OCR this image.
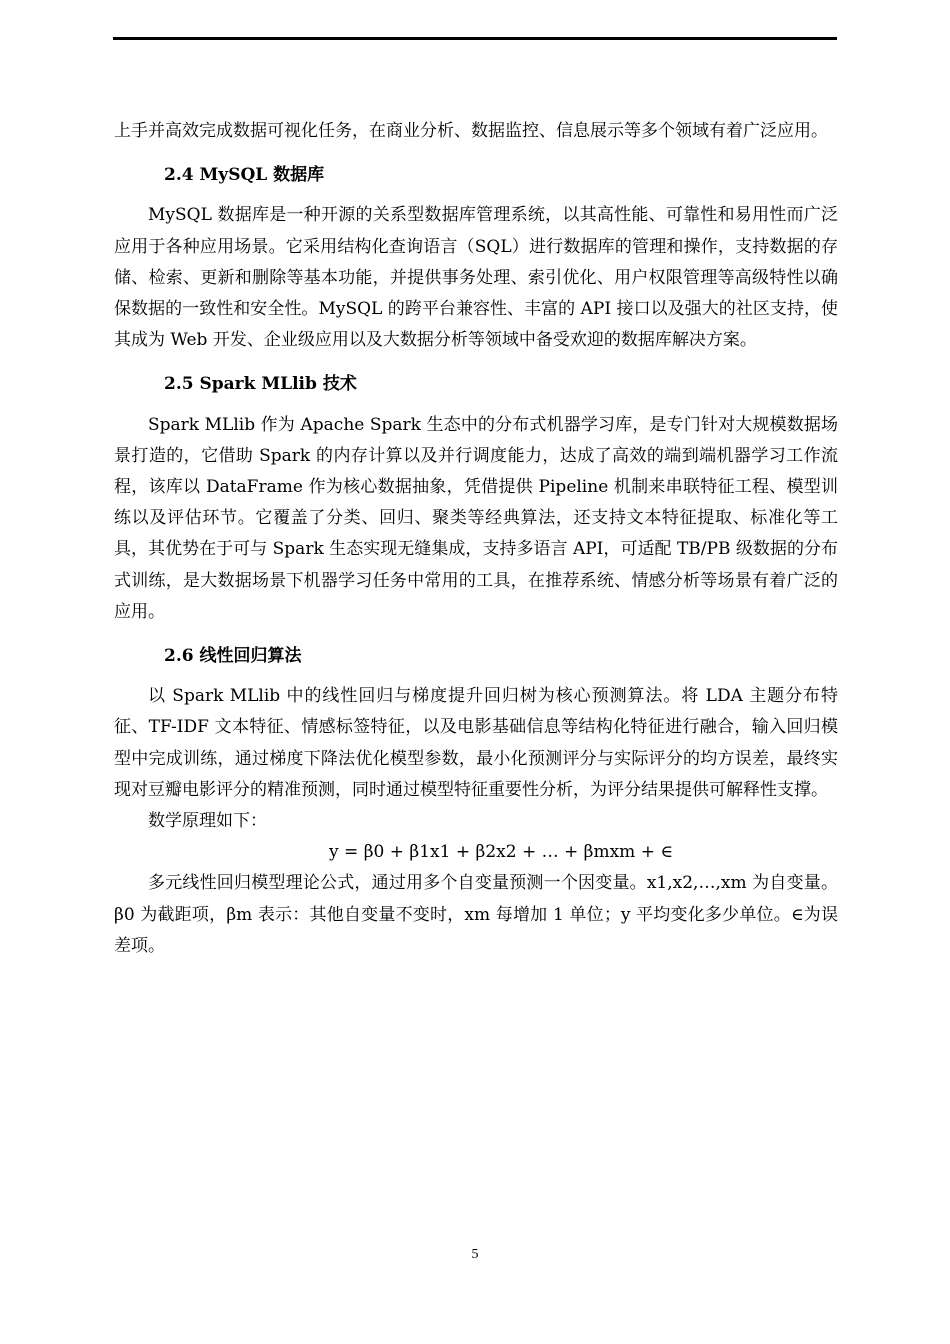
上手并高效完成数据可视化任务，在商业分析、数据监控、信息展示等多个领域有着广泛应用。

2.4 MySQL 数据库

MySQL 数据库是一种开源的关系型数据库管理系统，以其高性能、可靠性和易用性而广泛应用于各种应用场景。它采用结构化查询语言（SQL）进行数据库的管理和操作，支持数据的存储、检索、更新和删除等基本功能，并提供事务处理、索引优化、用户权限管理等高级特性以确保数据的一致性和安全性。MySQL 的跨平台兼容性、丰富的 API 接口以及强大的社区支持，使其成为 Web 开发、企业级应用以及大数据分析等领域中备受欢迎的数据库解决方案。

2.5 Spark MLlib 技术

Spark MLlib 作为 Apache Spark 生态中的分布式机器学习库，是专门针对大规模数据场景打造的，它借助 Spark 的内存计算以及并行调度能力，达成了高效的端到端机器学习工作流程，该库以 DataFrame 作为核心数据抽象，凭借提供 Pipeline 机制来串联特征工程、模型训练以及评估环节。它覆盖了分类、回归、聚类等经典算法，还支持文本特征提取、标准化等工具，其优势在于可与 Spark 生态实现无缝集成，支持多语言 API，可适配 TB/PB 级数据的分布式训练，是大数据场景下机器学习任务中常用的工具，在推荐系统、情感分析等场景有着广泛的应用。

2.6 线性回归算法

以 Spark MLlib 中的线性回归与梯度提升回归树为核心预测算法。将 LDA 主题分布特征、TF-IDF 文本特征、情感标签特征，以及电影基础信息等结构化特征进行融合，输入回归模型中完成训练，通过梯度下降法优化模型参数，最小化预测评分与实际评分的均方误差，最终实现对豆瓣电影评分的精准预测，同时通过模型特征重要性分析，为评分结果提供可解释性支撑。

数学原理如下：

y = β0 + β1x1 + β2x2 + … + βmxm + ∈

多元线性回归模型理论公式，通过用多个自变量预测一个因变量。x1,x2,…,xm 为自变量。β0 为截距项，βm 表示：其他自变量不变时，xm 每增加 1 单位；y 平均变化多少单位。∈为误差项。

5
